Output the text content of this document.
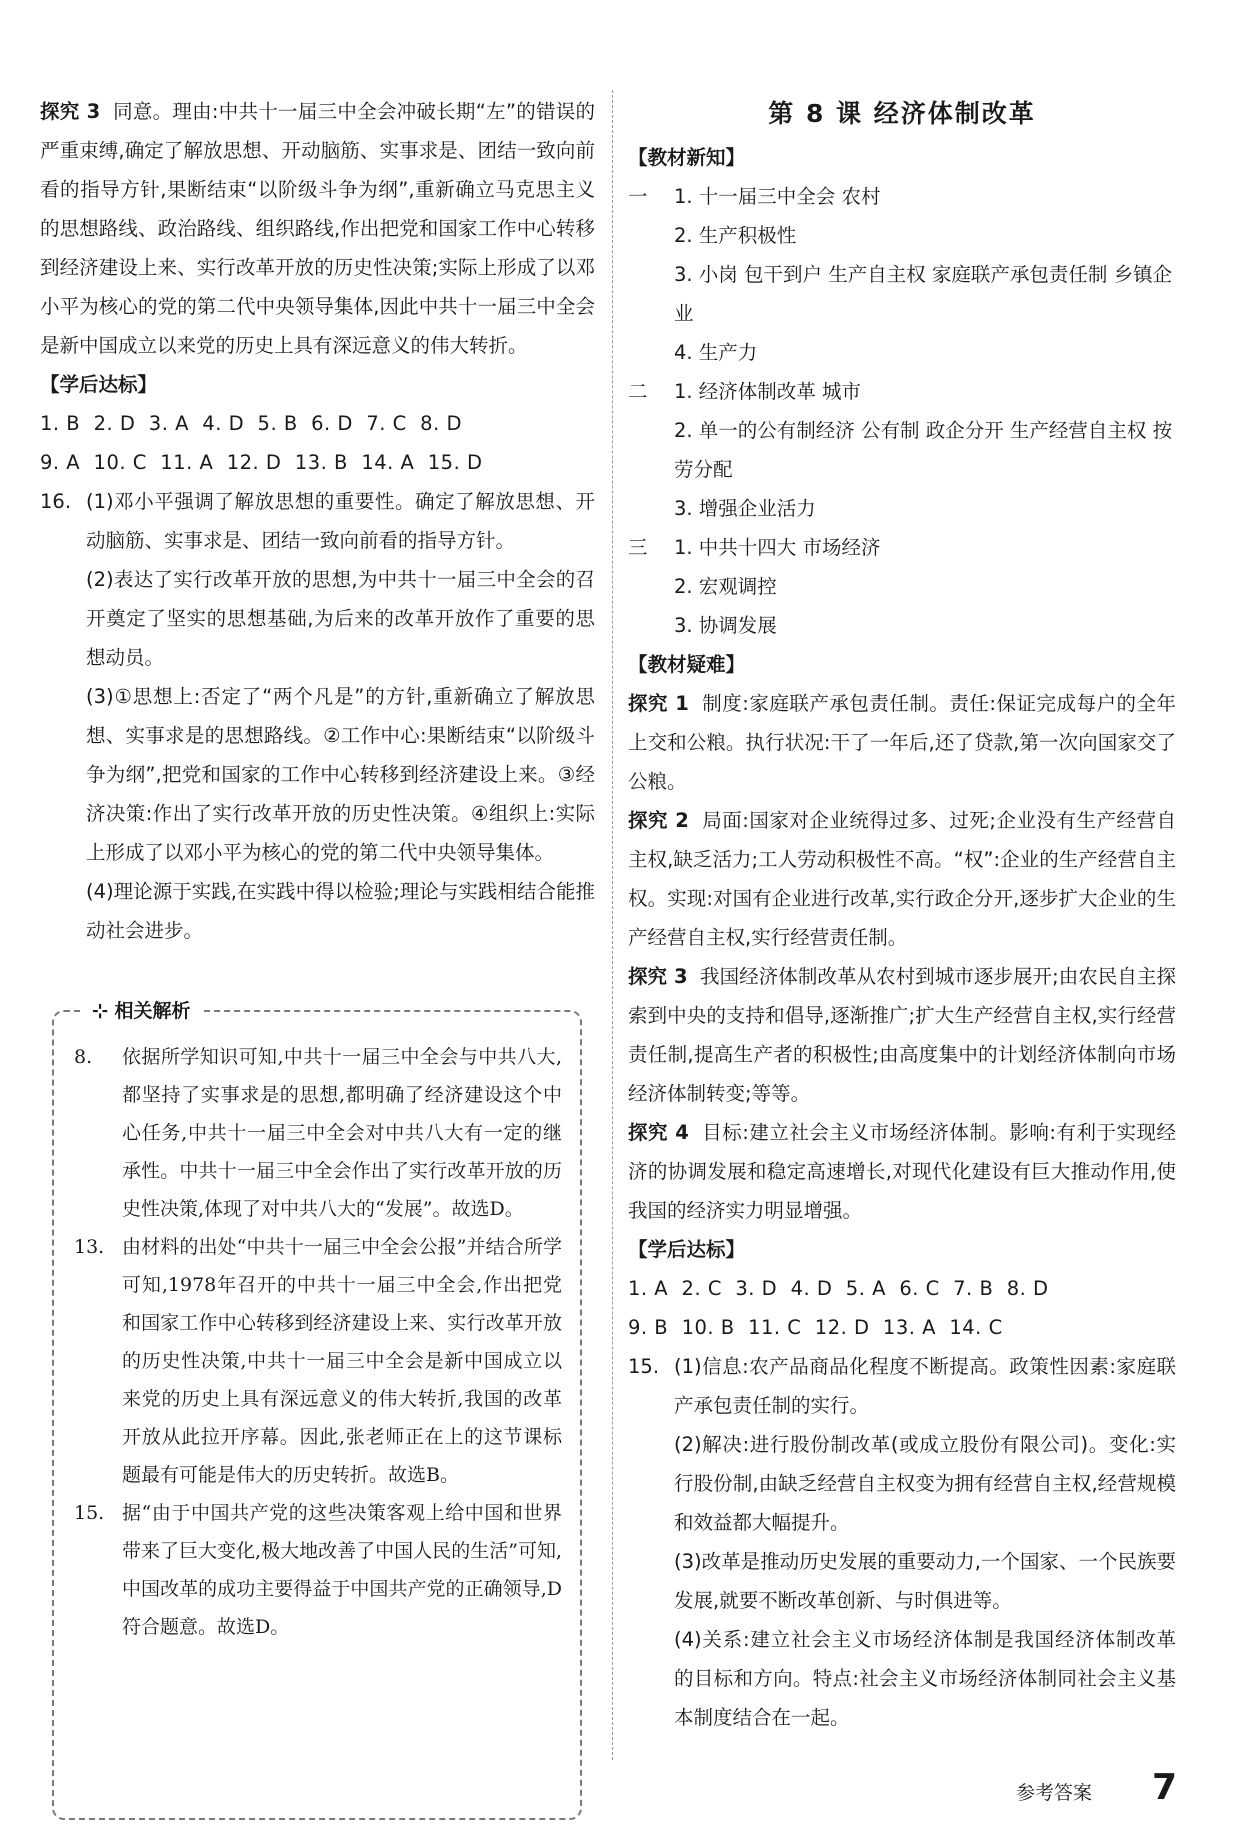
探究 3 同意。理由:中共十一届三中全会冲破长期“左”的错误的严重束缚,确定了解放思想、开动脑筋、实事求是、团结一致向前看的指导方针,果断结束“以阶级斗争为纲”,重新确立马克思主义的思想路线、政治路线、组织路线,作出把党和国家工作中心转移到经济建设上来、实行改革开放的历史性决策;实际上形成了以邓小平为核心的党的第二代中央领导集体,因此中共十一届三中全会是新中国成立以来党的历史上具有深远意义的伟大转折。

【学后达标】

1. B  2. D  3. A  4. D  5. B  6. D  7. C  8. D

9. A  10. C  11. A  12. D  13. B  14. A  15. D

16. (1)邓小平强调了解放思想的重要性。确定了解放思想、开动脑筋、实事求是、团结一致向前看的指导方针。

(2)表达了实行改革开放的思想,为中共十一届三中全会的召开奠定了坚实的思想基础,为后来的改革开放作了重要的思想动员。

(3)①思想上:否定了“两个凡是”的方针,重新确立了解放思想、实事求是的思想路线。②工作中心:果断结束“以阶级斗争为纲”,把党和国家的工作中心转移到经济建设上来。③经济决策:作出了实行改革开放的历史性决策。④组织上:实际上形成了以邓小平为核心的党的第二代中央领导集体。

(4)理论源于实践,在实践中得以检验;理论与实践相结合能推动社会进步。

⊹ 相关解析

8. 依据所学知识可知,中共十一届三中全会与中共八大,都坚持了实事求是的思想,都明确了经济建设这个中心任务,中共十一届三中全会对中共八大有一定的继承性。中共十一届三中全会作出了实行改革开放的历史性决策,体现了对中共八大的“发展”。故选D。

13. 由材料的出处“中共十一届三中全会公报”并结合所学可知,1978年召开的中共十一届三中全会,作出把党和国家工作中心转移到经济建设上来、实行改革开放的历史性决策,中共十一届三中全会是新中国成立以来党的历史上具有深远意义的伟大转折,我国的改革开放从此拉开序幕。因此,张老师正在上的这节课标题最有可能是伟大的历史转折。故选B。

15. 据“由于中国共产党的这些决策客观上给中国和世界带来了巨大变化,极大地改善了中国人民的生活”可知,中国改革的成功主要得益于中国共产党的正确领导,D符合题意。故选D。

第 8 课 经济体制改革

【教材新知】

一	1. 十一届三中全会 农村
2. 生产积极性
3. 小岗 包干到户 生产自主权 家庭联产承包责任制 乡镇企业
4. 生产力
二	1. 经济体制改革 城市
2. 单一的公有制经济 公有制 政企分开 生产经营自主权 按劳分配
3. 增强企业活力
三	1. 中共十四大 市场经济
2. 宏观调控
3. 协调发展

【教材疑难】

探究 1 制度:家庭联产承包责任制。责任:保证完成每户的全年上交和公粮。执行状况:干了一年后,还了贷款,第一次向国家交了公粮。

探究 2 局面:国家对企业统得过多、过死;企业没有生产经营自主权,缺乏活力;工人劳动积极性不高。“权”:企业的生产经营自主权。实现:对国有企业进行改革,实行政企分开,逐步扩大企业的生产经营自主权,实行经营责任制。

探究 3 我国经济体制改革从农村到城市逐步展开;由农民自主探索到中央的支持和倡导,逐渐推广;扩大生产经营自主权,实行经营责任制,提高生产者的积极性;由高度集中的计划经济体制向市场经济体制转变;等等。

探究 4 目标:建立社会主义市场经济体制。影响:有利于实现经济的协调发展和稳定高速增长,对现代化建设有巨大推动作用,使我国的经济实力明显增强。

【学后达标】

1. A  2. C  3. D  4. D  5. A  6. C  7. B  8. D

9. B  10. B  11. C  12. D  13. A  14. C

15. (1)信息:农产品商品化程度不断提高。政策性因素:家庭联产承包责任制的实行。

(2)解决:进行股份制改革(或成立股份有限公司)。变化:实行股份制,由缺乏经营自主权变为拥有经营自主权,经营规模和效益都大幅提升。

(3)改革是推动历史发展的重要动力,一个国家、一个民族要发展,就要不断改革创新、与时俱进等。

(4)关系:建立社会主义市场经济体制是我国经济体制改革的目标和方向。特点:社会主义市场经济体制同社会主义基本制度结合在一起。

参考答案 7
